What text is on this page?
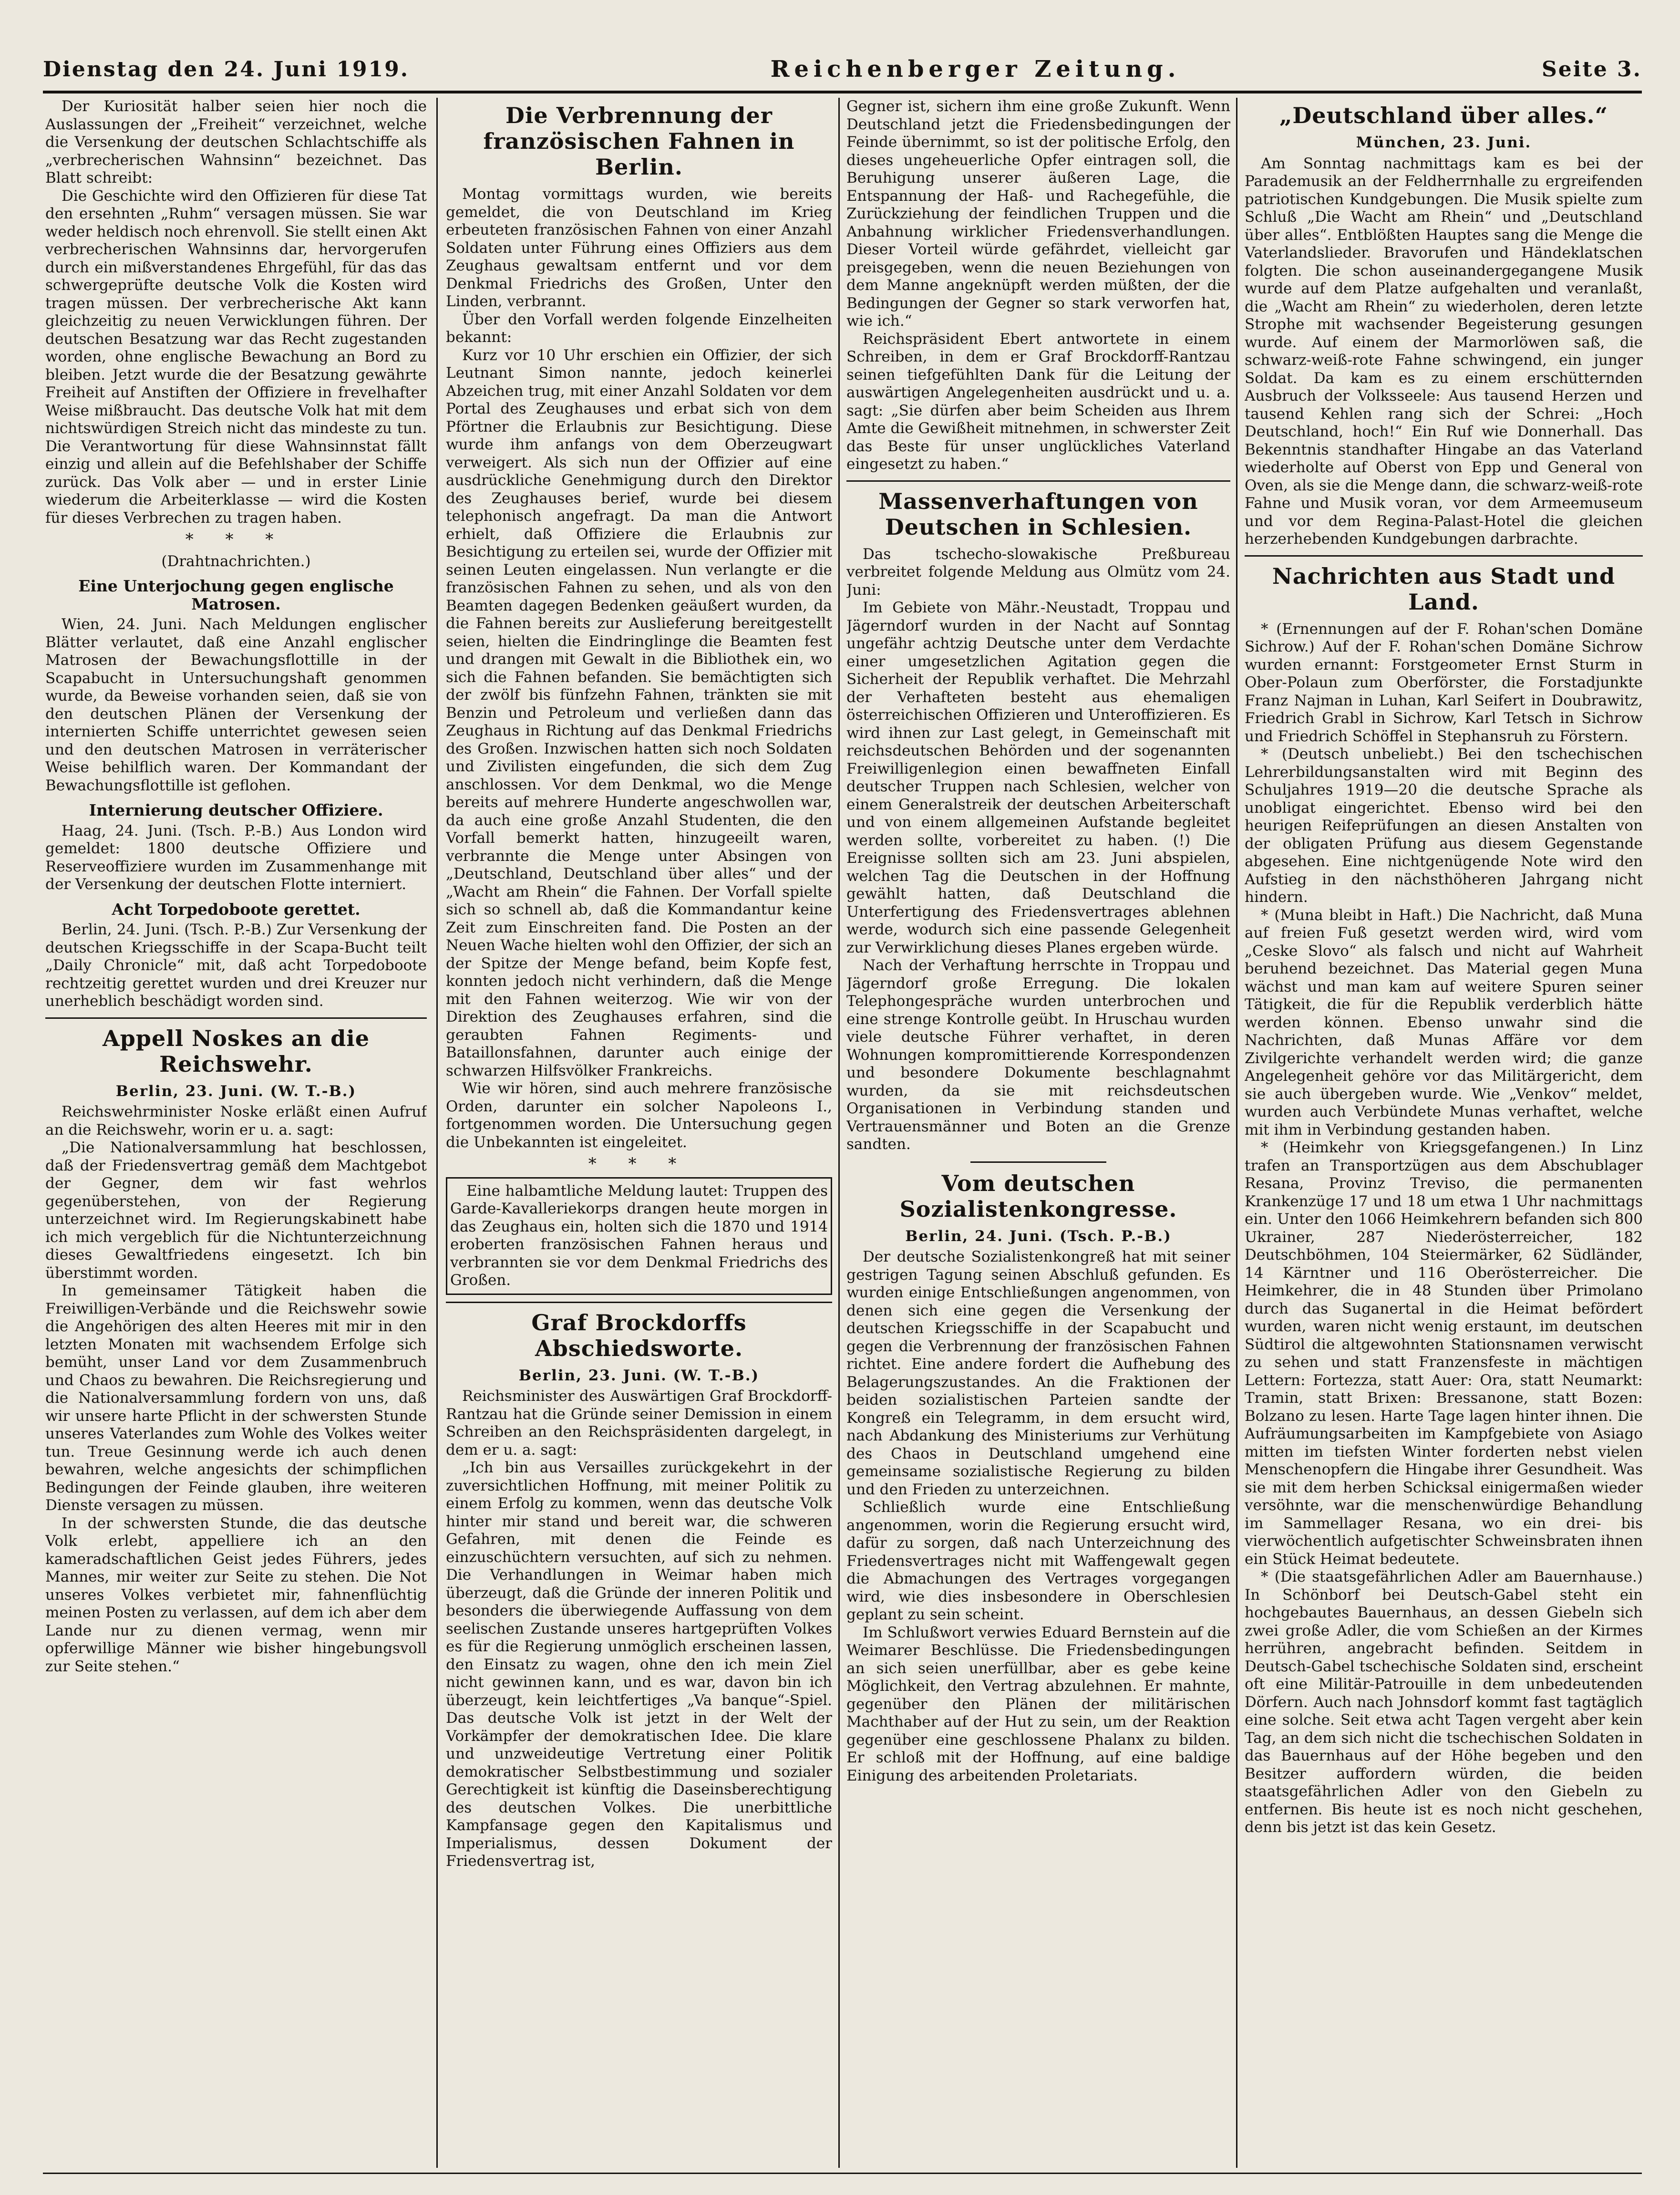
Dienstag den 24. Juni 1919.	Reichenberger Zeitung.	Seite 3.

Der Kuriosität halber seien hier noch die Auslassungen der „Freiheit“ verzeichnet, welche die Versenkung der deutschen Schlachtschiffe als „verbrecherischen Wahnsinn“ bezeichnet. Das Blatt schreibt:

Die Geschichte wird den Offizieren für diese Tat den ersehnten „Ruhm“ versagen müssen. Sie war weder heldisch noch ehrenvoll. Sie stellt einen Akt verbrecherischen Wahnsinns dar, hervorgerufen durch ein mißverstandenes Ehrgefühl, für das das schwergeprüfte deutsche Volk die Kosten wird tragen müssen. Der verbrecherische Akt kann gleichzeitig zu neuen Verwicklungen führen. Der deutschen Besatzung war das Recht zugestanden worden, ohne englische Bewachung an Bord zu bleiben. Jetzt wurde die der Besatzung gewährte Freiheit auf Anstiften der Offiziere in frevelhafter Weise mißbraucht. Das deutsche Volk hat mit dem nichtswürdigen Streich nicht das mindeste zu tun. Die Verantwortung für diese Wahnsinnstat fällt einzig und allein auf die Befehlshaber der Schiffe zurück. Das Volk aber — und in erster Linie wiederum die Arbeiterklasse — wird die Kosten für dieses Verbrechen zu tragen haben.

* * *
(Drahtnachrichten.)
Eine Unterjochung gegen englische Matrosen.

Wien, 24. Juni. Nach Meldungen englischer Blätter verlautet, daß eine Anzahl englischer Matrosen der Bewachungsflottille in der Scapabucht in Untersuchungshaft genommen wurde, da Beweise vorhanden seien, daß sie von den deutschen Plänen der Versenkung der internierten Schiffe unterrichtet gewesen seien und den deutschen Matrosen in verräterischer Weise behilflich waren. Der Kommandant der Bewachungsflottille ist geflohen.

Internierung deutscher Offiziere.

Haag, 24. Juni. (Tsch. P.-B.) Aus London wird gemeldet: 1800 deutsche Offiziere und Reserveoffiziere wurden im Zusammenhange mit der Versenkung der deutschen Flotte interniert.

Acht Torpedoboote gerettet.

Berlin, 24. Juni. (Tsch. P.-B.) Zur Versenkung der deutschen Kriegsschiffe in der Scapa-Bucht teilt „Daily Chronicle“ mit, daß acht Torpedoboote rechtzeitig gerettet wurden und drei Kreuzer nur unerheblich beschädigt worden sind.

Appell Noskes an die Reichswehr.
Berlin, 23. Juni. (W. T.-B.)

Reichswehrminister Noske erläßt einen Aufruf an die Reichswehr, worin er u. a. sagt:

„Die Nationalversammlung hat beschlossen, daß der Friedensvertrag gemäß dem Machtgebot der Gegner, dem wir fast wehrlos gegenüberstehen, von der Regierung unterzeichnet wird. Im Regierungskabinett habe ich mich vergeblich für die Nichtunterzeichnung dieses Gewaltfriedens eingesetzt. Ich bin überstimmt worden.

In gemeinsamer Tätigkeit haben die Freiwilligen-Verbände und die Reichswehr sowie die Angehörigen des alten Heeres mit mir in den letzten Monaten mit wachsendem Erfolge sich bemüht, unser Land vor dem Zusammenbruch und Chaos zu bewahren. Die Reichsregierung und die Nationalversammlung fordern von uns, daß wir unsere harte Pflicht in der schwersten Stunde unseres Vaterlandes zum Wohle des Volkes weiter tun. Treue Gesinnung werde ich auch denen bewahren, welche angesichts der schimpflichen Bedingungen der Feinde glauben, ihre weiteren Dienste versagen zu müssen.

In der schwersten Stunde, die das deutsche Volk erlebt, appelliere ich an den kameradschaftlichen Geist jedes Führers, jedes Mannes, mir weiter zur Seite zu stehen. Die Not unseres Volkes verbietet mir, fahnenflüchtig meinen Posten zu verlassen, auf dem ich aber dem Lande nur zu dienen vermag, wenn mir opferwillige Männer wie bisher hingebungsvoll zur Seite stehen.“

Die Verbrennung der französischen Fahnen in Berlin.

Montag vormittags wurden, wie bereits gemeldet, die von Deutschland im Krieg erbeuteten französischen Fahnen von einer Anzahl Soldaten unter Führung eines Offiziers aus dem Zeughaus gewaltsam entfernt und vor dem Denkmal Friedrichs des Großen, Unter den Linden, verbrannt.

Über den Vorfall werden folgende Einzelheiten bekannt:

Kurz vor 10 Uhr erschien ein Offizier, der sich Leutnant Simon nannte, jedoch keinerlei Abzeichen trug, mit einer Anzahl Soldaten vor dem Portal des Zeughauses und erbat sich von dem Pförtner die Erlaubnis zur Besichtigung. Diese wurde ihm anfangs von dem Oberzeugwart verweigert. Als sich nun der Offizier auf eine ausdrückliche Genehmigung durch den Direktor des Zeughauses berief, wurde bei diesem telephonisch angefragt. Da man die Antwort erhielt, daß Offiziere die Erlaubnis zur Besichtigung zu erteilen sei, wurde der Offizier mit seinen Leuten eingelassen. Nun verlangte er die französischen Fahnen zu sehen, und als von den Beamten dagegen Bedenken geäußert wurden, da die Fahnen bereits zur Auslieferung bereitgestellt seien, hielten die Eindringlinge die Beamten fest und drangen mit Gewalt in die Bibliothek ein, wo sich die Fahnen befanden. Sie bemächtigten sich der zwölf bis fünfzehn Fahnen, tränkten sie mit Benzin und Petroleum und verließen dann das Zeughaus in Richtung auf das Denkmal Friedrichs des Großen. Inzwischen hatten sich noch Soldaten und Zivilisten eingefunden, die sich dem Zug anschlossen. Vor dem Denkmal, wo die Menge bereits auf mehrere Hunderte angeschwollen war, da auch eine große Anzahl Studenten, die den Vorfall bemerkt hatten, hinzugeeilt waren, verbrannte die Menge unter Absingen von „Deutschland, Deutschland über alles“ und der „Wacht am Rhein“ die Fahnen. Der Vorfall spielte sich so schnell ab, daß die Kommandantur keine Zeit zum Einschreiten fand. Die Posten an der Neuen Wache hielten wohl den Offizier, der sich an der Spitze der Menge befand, beim Kopfe fest, konnten jedoch nicht verhindern, daß die Menge mit den Fahnen weiterzog. Wie wir von der Direktion des Zeughauses erfahren, sind die geraubten Fahnen Regiments- und Bataillonsfahnen, darunter auch einige der schwarzen Hilfsvölker Frankreichs.

Wie wir hören, sind auch mehrere französische Orden, darunter ein solcher Napoleons I., fortgenommen worden. Die Untersuchung gegen die Unbekannten ist eingeleitet.

* * *

Eine halbamtliche Meldung lautet: Truppen des Garde-Kavalleriekorps drangen heute morgen in das Zeughaus ein, holten sich die 1870 und 1914 eroberten französischen Fahnen heraus und verbrannten sie vor dem Denkmal Friedrichs des Großen.

Graf Brockdorffs Abschiedsworte.
Berlin, 23. Juni. (W. T.-B.)

Reichsminister des Auswärtigen Graf Brockdorff-Rantzau hat die Gründe seiner Demission in einem Schreiben an den Reichspräsidenten dargelegt, in dem er u. a. sagt:

„Ich bin aus Versailles zurückgekehrt in der zuversichtlichen Hoffnung, mit meiner Politik zu einem Erfolg zu kommen, wenn das deutsche Volk hinter mir stand und bereit war, die schweren Gefahren, mit denen die Feinde es einzuschüchtern versuchten, auf sich zu nehmen. Die Verhandlungen in Weimar haben mich überzeugt, daß die Gründe der inneren Politik und besonders die überwiegende Auffassung von dem seelischen Zustande unseres hartgeprüften Volkes es für die Regierung unmöglich erscheinen lassen, den Einsatz zu wagen, ohne den ich mein Ziel nicht gewinnen kann, und es war, davon bin ich überzeugt, kein leichtfertiges „Va banque“-Spiel. Das deutsche Volk ist jetzt in der Welt der Vorkämpfer der demokratischen Idee. Die klare und unzweideutige Vertretung einer Politik demokratischer Selbstbestimmung und sozialer Gerechtigkeit ist künftig die Daseinsberechtigung des deutschen Volkes. Die unerbittliche Kampfansage gegen den Kapitalismus und Imperialismus, dessen Dokument der Friedensvertrag ist,

Gegner ist, sichern ihm eine große Zukunft. Wenn Deutschland jetzt die Friedensbedingungen der Feinde übernimmt, so ist der politische Erfolg, den dieses ungeheuerliche Opfer eintragen soll, die Beruhigung unserer äußeren Lage, die Entspannung der Haß- und Rachegefühle, die Zurückziehung der feindlichen Truppen und die Anbahnung wirklicher Friedensverhandlungen. Dieser Vorteil würde gefährdet, vielleicht gar preisgegeben, wenn die neuen Beziehungen von dem Manne angeknüpft werden müßten, der die Bedingungen der Gegner so stark verworfen hat, wie ich.“

Reichspräsident Ebert antwortete in einem Schreiben, in dem er Graf Brockdorff-Rantzau seinen tiefgefühlten Dank für die Leitung der auswärtigen Angelegenheiten ausdrückt und u. a. sagt: „Sie dürfen aber beim Scheiden aus Ihrem Amte die Gewißheit mitnehmen, in schwerster Zeit das Beste für unser unglückliches Vaterland eingesetzt zu haben.“

Massenverhaftungen von Deutschen in Schlesien.

Das tschecho-slowakische Preßbureau verbreitet folgende Meldung aus Olmütz vom 24. Juni:

Im Gebiete von Mähr.-Neustadt, Troppau und Jägerndorf wurden in der Nacht auf Sonntag ungefähr achtzig Deutsche unter dem Verdachte einer umgesetzlichen Agitation gegen die Sicherheit der Republik verhaftet. Die Mehrzahl der Verhafteten besteht aus ehemaligen österreichischen Offizieren und Unteroffizieren. Es wird ihnen zur Last gelegt, in Gemeinschaft mit reichsdeutschen Behörden und der sogenannten Freiwilligenlegion einen bewaffneten Einfall deutscher Truppen nach Schlesien, welcher von einem Generalstreik der deutschen Arbeiterschaft und von einem allgemeinen Aufstande begleitet werden sollte, vorbereitet zu haben. (!) Die Ereignisse sollten sich am 23. Juni abspielen, welchen Tag die Deutschen in der Hoffnung gewählt hatten, daß Deutschland die Unterfertigung des Friedensvertrages ablehnen werde, wodurch sich eine passende Gelegenheit zur Verwirklichung dieses Planes ergeben würde.

Nach der Verhaftung herrschte in Troppau und Jägerndorf große Erregung. Die lokalen Telephongespräche wurden unterbrochen und eine strenge Kontrolle geübt. In Hruschau wurden viele deutsche Führer verhaftet, in deren Wohnungen kompromittierende Korrespondenzen und besondere Dokumente beschlagnahmt wurden, da sie mit reichsdeutschen Organisationen in Verbindung standen und Vertrauensmänner und Boten an die Grenze sandten.

Vom deutschen Sozialistenkongresse.
Berlin, 24. Juni. (Tsch. P.-B.)

Der deutsche Sozialistenkongreß hat mit seiner gestrigen Tagung seinen Abschluß gefunden. Es wurden einige Entschließungen angenommen, von denen sich eine gegen die Versenkung der deutschen Kriegsschiffe in der Scapabucht und gegen die Verbrennung der französischen Fahnen richtet. Eine andere fordert die Aufhebung des Belagerungszustandes. An die Fraktionen der beiden sozialistischen Parteien sandte der Kongreß ein Telegramm, in dem ersucht wird, nach Abdankung des Ministeriums zur Verhütung des Chaos in Deutschland umgehend eine gemeinsame sozialistische Regierung zu bilden und den Frieden zu unterzeichnen.

Schließlich wurde eine Entschließung angenommen, worin die Regierung ersucht wird, dafür zu sorgen, daß nach Unterzeichnung des Friedensvertrages nicht mit Waffengewalt gegen die Abmachungen des Vertrages vorgegangen wird, wie dies insbesondere in Oberschlesien geplant zu sein scheint.

Im Schlußwort verwies Eduard Bernstein auf die Weimarer Beschlüsse. Die Friedensbedingungen an sich seien unerfüllbar, aber es gebe keine Möglichkeit, den Vertrag abzulehnen. Er mahnte, gegenüber den Plänen der militärischen Machthaber auf der Hut zu sein, um der Reaktion gegenüber eine geschlossene Phalanx zu bilden. Er schloß mit der Hoffnung, auf eine baldige Einigung des arbeitenden Proletariats.

„Deutschland über alles.“
München, 23. Juni.

Am Sonntag nachmittags kam es bei der Parademusik an der Feldherrnhalle zu ergreifenden patriotischen Kundgebungen. Die Musik spielte zum Schluß „Die Wacht am Rhein“ und „Deutschland über alles“. Entblößten Hauptes sang die Menge die Vaterlandslieder. Bravorufen und Händeklatschen folgten. Die schon auseinandergegangene Musik wurde auf dem Platze aufgehalten und veranlaßt, die „Wacht am Rhein“ zu wiederholen, deren letzte Strophe mit wachsender Begeisterung gesungen wurde. Auf einem der Marmorlöwen saß, die schwarz-weiß-rote Fahne schwingend, ein junger Soldat. Da kam es zu einem erschütternden Ausbruch der Volksseele: Aus tausend Herzen und tausend Kehlen rang sich der Schrei: „Hoch Deutschland, hoch!“ Ein Ruf wie Donnerhall. Das Bekenntnis standhafter Hingabe an das Vaterland wiederholte auf Oberst von Epp und General von Oven, als sie die Menge dann, die schwarz-weiß-rote Fahne und Musik voran, vor dem Armeemuseum und vor dem Regina-Palast-Hotel die gleichen herzerhebenden Kundgebungen darbrachte.

Nachrichten aus Stadt und Land.

* (Ernennungen auf der F. Rohan'schen Domäne Sichrow.) Auf der F. Rohan'schen Domäne Sichrow wurden ernannt: Forstgeometer Ernst Sturm in Ober-Polaun zum Oberförster, die Forstadjunkte Franz Najman in Luhan, Karl Seifert in Doubrawitz, Friedrich Grabl in Sichrow, Karl Tetsch in Sichrow und Friedrich Schöffel in Stephansruh zu Förstern.

* (Deutsch unbeliebt.) Bei den tschechischen Lehrerbildungsanstalten wird mit Beginn des Schuljahres 1919—20 die deutsche Sprache als unobligat eingerichtet. Ebenso wird bei den heurigen Reifeprüfungen an diesen Anstalten von der obligaten Prüfung aus diesem Gegenstande abgesehen. Eine nichtgenügende Note wird den Aufstieg in den nächsthöheren Jahrgang nicht hindern.

* (Muna bleibt in Haft.) Die Nachricht, daß Muna auf freien Fuß gesetzt werden wird, wird vom „Ceske Slovo“ als falsch und nicht auf Wahrheit beruhend bezeichnet. Das Material gegen Muna wächst und man kam auf weitere Spuren seiner Tätigkeit, die für die Republik verderblich hätte werden können. Ebenso unwahr sind die Nachrichten, daß Munas Affäre vor dem Zivilgerichte verhandelt werden wird; die ganze Angelegenheit gehöre vor das Militärgericht, dem sie auch übergeben wurde. Wie „Venkov“ meldet, wurden auch Verbündete Munas verhaftet, welche mit ihm in Verbindung gestanden haben.

* (Heimkehr von Kriegsgefangenen.) In Linz trafen an Transportzügen aus dem Abschublager Resana, Provinz Treviso, die permanenten Krankenzüge 17 und 18 um etwa 1 Uhr nachmittags ein. Unter den 1066 Heimkehrern befanden sich 800 Ukrainer, 287 Niederösterreicher, 182 Deutschböhmen, 104 Steiermärker, 62 Südländer, 14 Kärntner und 116 Oberösterreicher. Die Heimkehrer, die in 48 Stunden über Primolano durch das Suganertal in die Heimat befördert wurden, waren nicht wenig erstaunt, im deutschen Südtirol die altgewohnten Stationsnamen verwischt zu sehen und statt Franzensfeste in mächtigen Lettern: Fortezza, statt Auer: Ora, statt Neumarkt: Tramin, statt Brixen: Bressanone, statt Bozen: Bolzano zu lesen. Harte Tage lagen hinter ihnen. Die Aufräumungsarbeiten im Kampfgebiete von Asiago mitten im tiefsten Winter forderten nebst vielen Menschenopfern die Hingabe ihrer Gesundheit. Was sie mit dem herben Schicksal einigermaßen wieder versöhnte, war die menschenwürdige Behandlung im Sammellager Resana, wo ein drei- bis vierwöchentlich aufgetischter Schweinsbraten ihnen ein Stück Heimat bedeutete.

* (Die staatsgefährlichen Adler am Bauernhause.) In Schönborf bei Deutsch-Gabel steht ein hochgebautes Bauernhaus, an dessen Giebeln sich zwei große Adler, die vom Schießen an der Kirmes herrühren, angebracht befinden. Seitdem in Deutsch-Gabel tschechische Soldaten sind, erscheint oft eine Militär-Patrouille in dem unbedeutenden Dörfern. Auch nach Johnsdorf kommt fast tagtäglich eine solche. Seit etwa acht Tagen vergeht aber kein Tag, an dem sich nicht die tschechischen Soldaten in das Bauernhaus auf der Höhe begeben und den Besitzer auffordern würden, die beiden staatsgefährlichen Adler von den Giebeln zu entfernen. Bis heute ist es noch nicht geschehen, denn bis jetzt ist das kein Gesetz.
